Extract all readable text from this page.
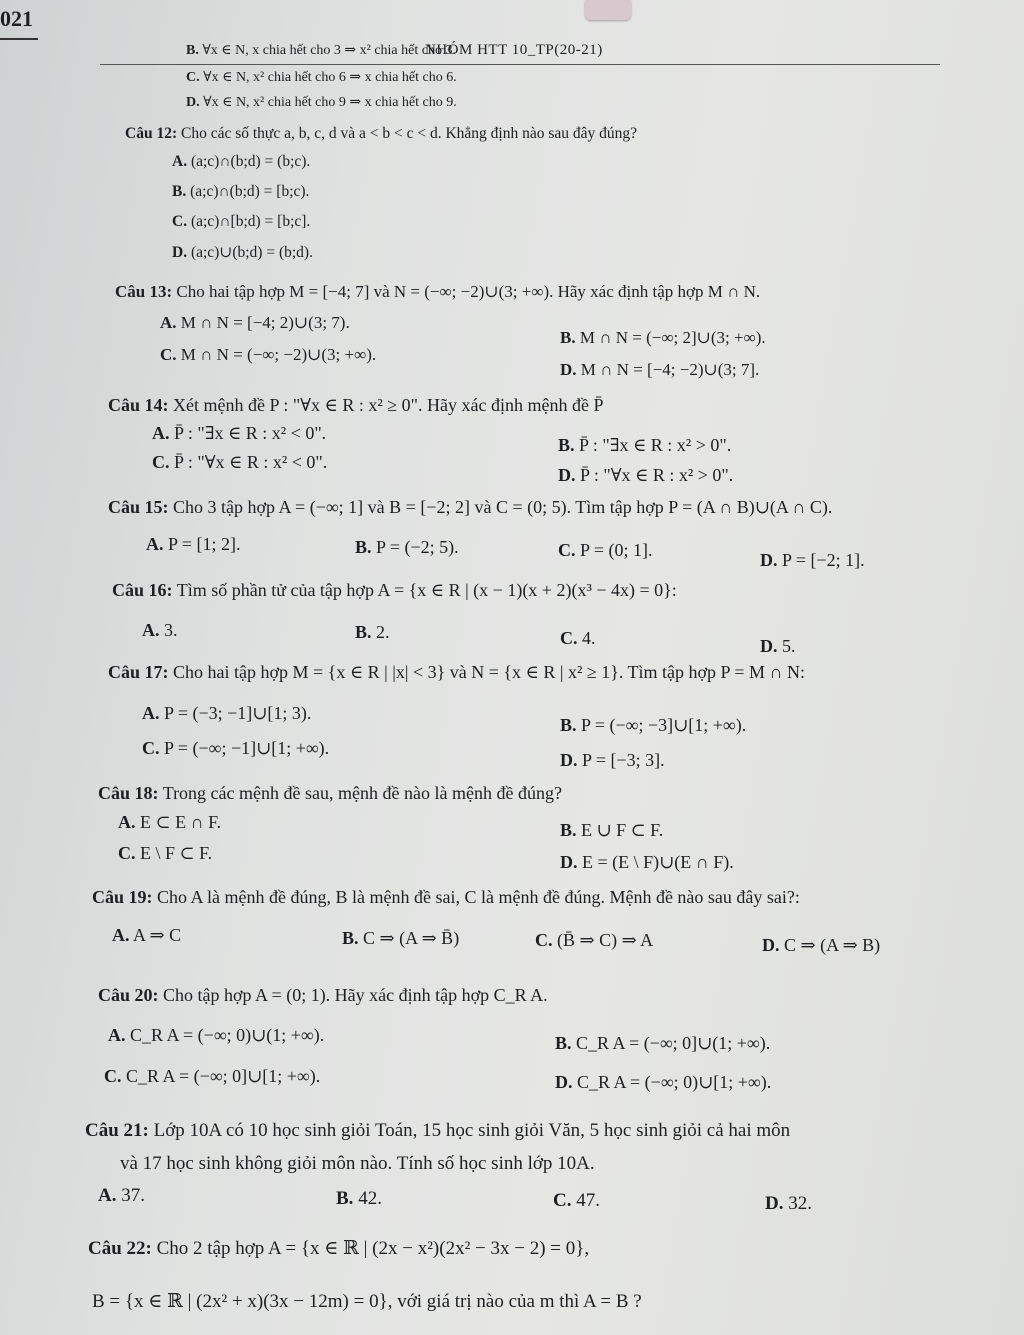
021
NHÓM HTT 10_TP(20-21)
B. ∀x ∈ N, x chia hết cho 3 ⇒ x² chia hết cho 3.
C. ∀x ∈ N, x² chia hết cho 6 ⇒ x chia hết cho 6.
D. ∀x ∈ N, x² chia hết cho 9 ⇒ x chia hết cho 9.
Câu 12: Cho các số thực a, b, c, d và a < b < c < d. Khẳng định nào sau đây đúng?
A. (a;c)∩(b;d) = (b;c).
B. (a;c)∩(b;d) = [b;c).
C. (a;c)∩[b;d) = [b;c].
D. (a;c)∪(b;d) = (b;d).
Câu 13: Cho hai tập hợp M = [−4; 7] và N = (−∞; −2)∪(3; +∞). Hãy xác định tập hợp M ∩ N.
A. M ∩ N = [−4; 2)∪(3; 7).
B. M ∩ N = (−∞; 2]∪(3; +∞).
C. M ∩ N = (−∞; −2)∪(3; +∞).
D. M ∩ N = [−4; −2)∪(3; 7].
Câu 14: Xét mệnh đề P : "∀x ∈ R : x² ≥ 0". Hãy xác định mệnh đề P̄
A. P̄ : "∃x ∈ R : x² < 0".
B. P̄ : "∃x ∈ R : x² > 0".
C. P̄ : "∀x ∈ R : x² < 0".
D. P̄ : "∀x ∈ R : x² > 0".
Câu 15: Cho 3 tập hợp A = (−∞; 1] và B = [−2; 2] và C = (0; 5). Tìm tập hợp P = (A ∩ B)∪(A ∩ C).
A. P = [1; 2].	B. P = (−2; 5).	C. P = (0; 1].	D. P = [−2; 1].
Câu 16: Tìm số phần tử của tập hợp A = {x ∈ R | (x − 1)(x + 2)(x³ − 4x) = 0}:
A. 3.	B. 2.	C. 4.	D. 5.
Câu 17: Cho hai tập hợp M = {x ∈ R | |x| < 3} và N = {x ∈ R | x² ≥ 1}. Tìm tập hợp P = M ∩ N:
A. P = (−3; −1]∪[1; 3).
B. P = (−∞; −3]∪[1; +∞).
C. P = (−∞; −1]∪[1; +∞).
D. P = [−3; 3].
Câu 18: Trong các mệnh đề sau, mệnh đề nào là mệnh đề đúng?
A. E ⊂ E ∩ F.	B. E ∪ F ⊂ F.
C. E \ F ⊂ F.	D. E = (E \ F)∪(E ∩ F).
Câu 19: Cho A là mệnh đề đúng, B là mệnh đề sai, C là mệnh đề đúng. Mệnh đề nào sau đây sai?:
A. A ⇒ C	B. C ⇒ (A ⇒ B̄)	C. (B̄ ⇒ C) ⇒ A	D. C ⇒ (A ⇒ B)
Câu 20: Cho tập hợp A = (0; 1). Hãy xác định tập hợp C_R A.
A. C_R A = (−∞; 0)∪(1; +∞).	B. C_R A = (−∞; 0]∪(1; +∞).
C. C_R A = (−∞; 0]∪[1; +∞).	D. C_R A = (−∞; 0)∪[1; +∞).
Câu 21: Lớp 10A có 10 học sinh giỏi Toán, 15 học sinh giỏi Văn, 5 học sinh giỏi cả hai môn
và 17 học sinh không giỏi môn nào. Tính số học sinh lớp 10A.
A. 37.	B. 42.	C. 47.	D. 32.
Câu 22: Cho 2 tập hợp A = {x ∈ ℝ | (2x − x²)(2x² − 3x − 2) = 0},
B = {x ∈ ℝ | (2x² + x)(3x − 12m) = 0}, với giá trị nào của m thì A = B ?
